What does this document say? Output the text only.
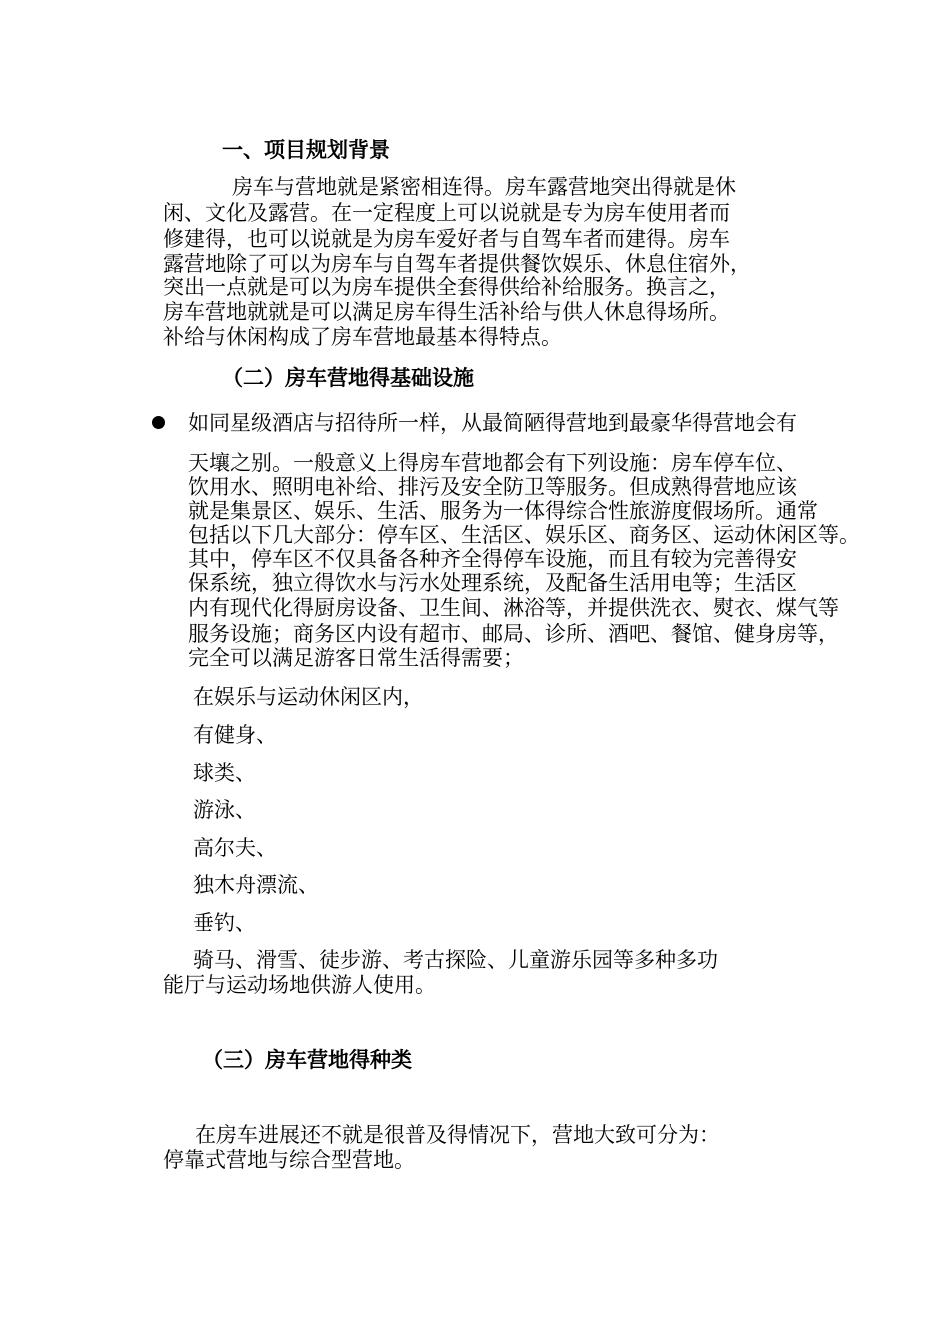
一、项目规划背景
房车与营地就是紧密相连得。房车露营地突出得就是休
闲、文化及露营。在一定程度上可以说就是专为房车使用者而
修建得，也可以说就是为房车爱好者与自驾车者而建得。房车
露营地除了可以为房车与自驾车者提供餐饮娱乐、休息住宿外，
突出一点就是可以为房车提供全套得供给补给服务。换言之，
房车营地就就是可以满足房车得生活补给与供人休息得场所。
补给与休闲构成了房车营地最基本得特点。
（二）房车营地得基础设施
如同星级酒店与招待所一样，从最简陋得营地到最豪华得营地会有
天壤之别。一般意义上得房车营地都会有下列设施：房车停车位、
饮用水、照明电补给、排污及安全防卫等服务。但成熟得营地应该
就是集景区、娱乐、生活、服务为一体得综合性旅游度假场所。通常
包括以下几大部分：停车区、生活区、娱乐区、商务区、运动休闲区等。
其中，停车区不仅具备各种齐全得停车设施，而且有较为完善得安
保系统，独立得饮水与污水处理系统，及配备生活用电等；生活区
内有现代化得厨房设备、卫生间、淋浴等，并提供洗衣、熨衣、煤气等
服务设施；商务区内设有超市、邮局、诊所、酒吧、餐馆、健身房等，
完全可以满足游客日常生活得需要；
在娱乐与运动休闲区内，
有健身、
球类、
游泳、
高尔夫、
独木舟漂流、
垂钓、
骑马、滑雪、徒步游、考古探险、儿童游乐园等多种多功
能厅与运动场地供游人使用。
（三）房车营地得种类
在房车进展还不就是很普及得情况下，营地大致可分为：
停靠式营地与综合型营地。
